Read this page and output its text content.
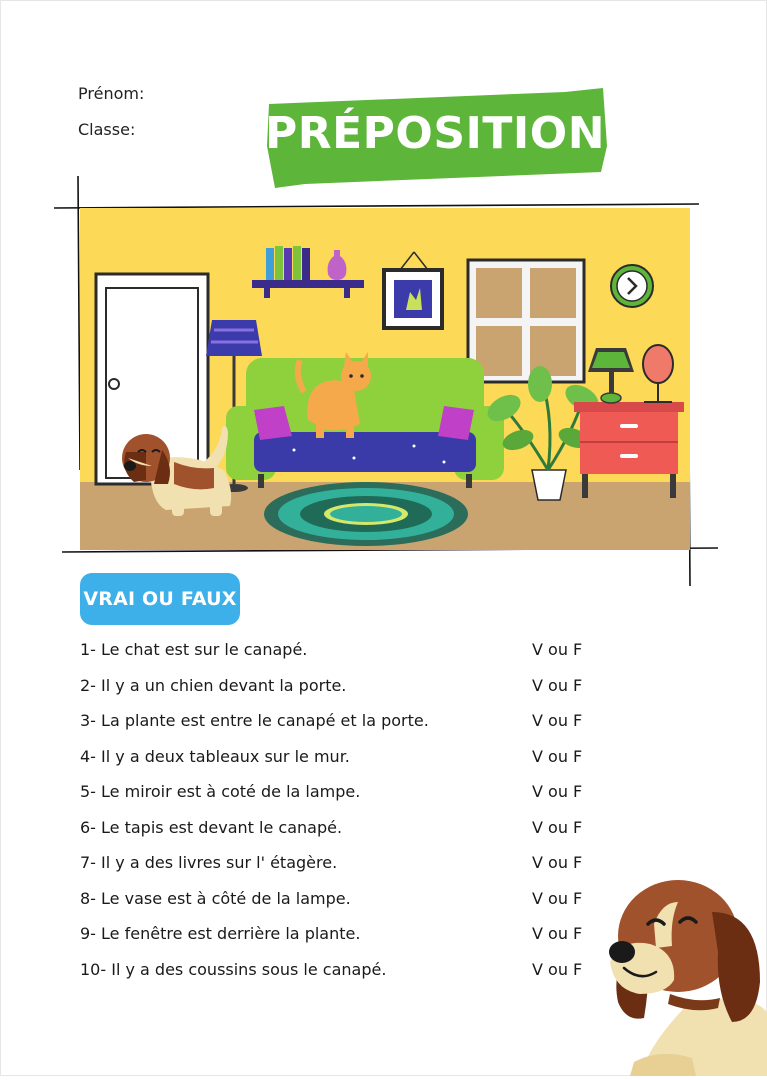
Prénom:
Classe:	PRÉPOSITIONS
VRAI OU FAUX
1- Le chat est sur le canapé.	V ou F
2- Il y a un chien devant la porte.	V ou F
3- La plante est entre le canapé et la porte.	V ou F
4- Il y a deux tableaux sur le mur.	V ou F
5- Le miroir est à coté de la lampe.	V ou F
6- Le tapis est devant le canapé.	V ou F
7- Il y a des livres sur l' étagère.	V ou F
8- Le vase est à côté de la lampe.	V ou F
9- Le fenêtre est derrière la plante.	V ou F
10- Il y a des coussins sous le canapé.	V ou F
